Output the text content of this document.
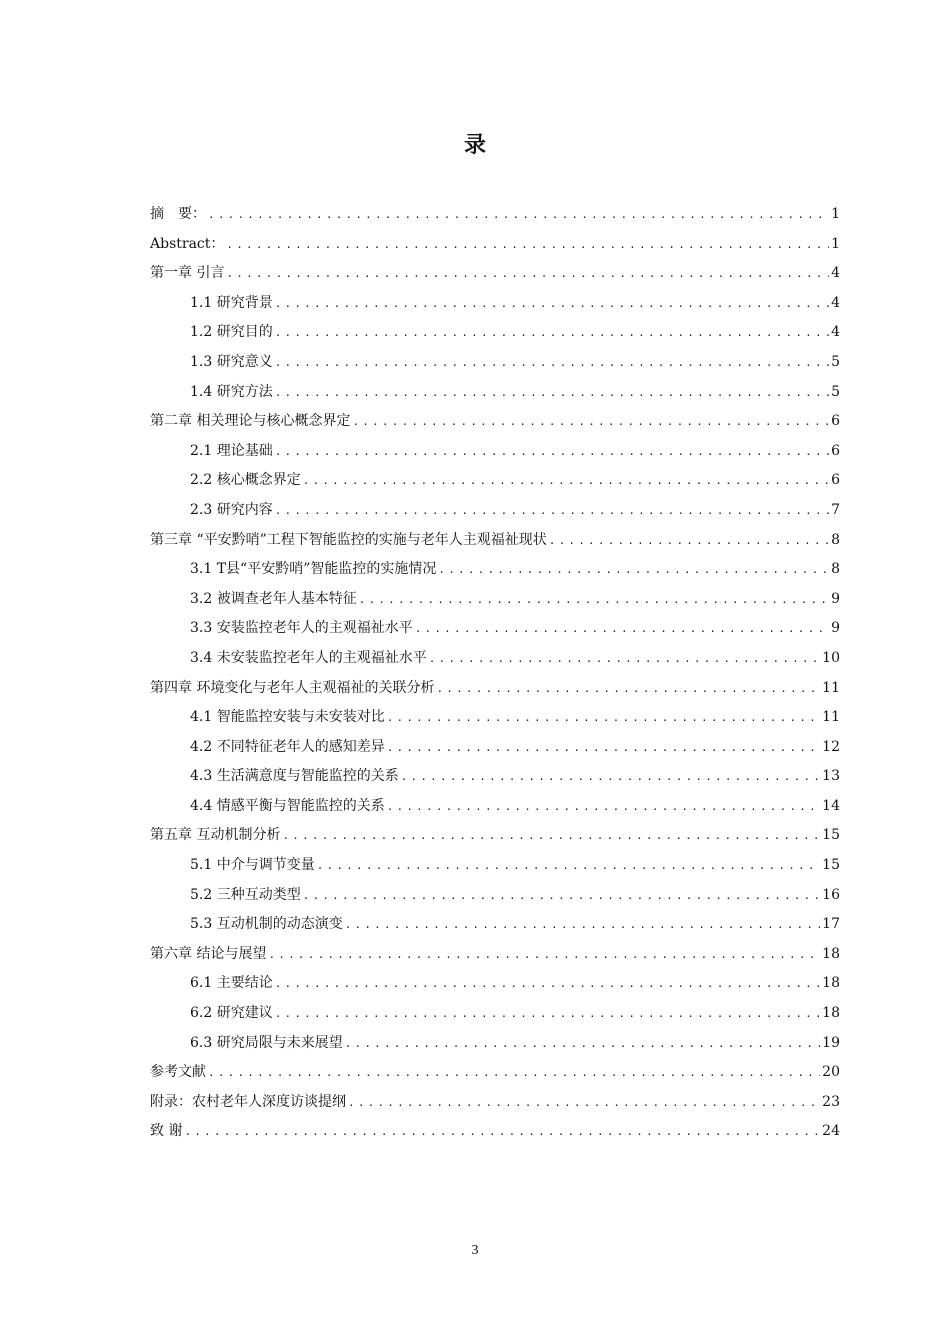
录
摘　要： .....	1
Abstract： .....	1
第一章 引言 .....	4
1.1 研究背景 .....	4
1.2 研究目的 .....	4
1.3 研究意义 .....	5
1.4 研究方法 .....	5
第二章 相关理论与核心概念界定 .....	6
2.1 理论基础 .....	6
2.2 核心概念界定 .....	6
2.3 研究内容 .....	7
第三章 “平安黔哨”工程下智能监控的实施与老年人主观福祉现状 .....	8
3.1 T县“平安黔哨”智能监控的实施情况 .....	8
3.2 被调查老年人基本特征 .....	9
3.3 安装监控老年人的主观福祉水平 .....	9
3.4 未安装监控老年人的主观福祉水平 .....	10
第四章 环境变化与老年人主观福祉的关联分析 .....	11
4.1 智能监控安装与未安装对比 .....	11
4.2 不同特征老年人的感知差异 .....	12
4.3 生活满意度与智能监控的关系 .....	13
4.4 情感平衡与智能监控的关系 .....	14
第五章 互动机制分析 .....	15
5.1 中介与调节变量 .....	15
5.2 三种互动类型 .....	16
5.3 互动机制的动态演变 .....	17
第六章 结论与展望 .....	18
6.1 主要结论 .....	18
6.2 研究建议 .....	18
6.3 研究局限与未来展望 .....	19
参考文献 .....	20
附录：农村老年人深度访谈提纲 .....	23
致 谢 .....	24
3
